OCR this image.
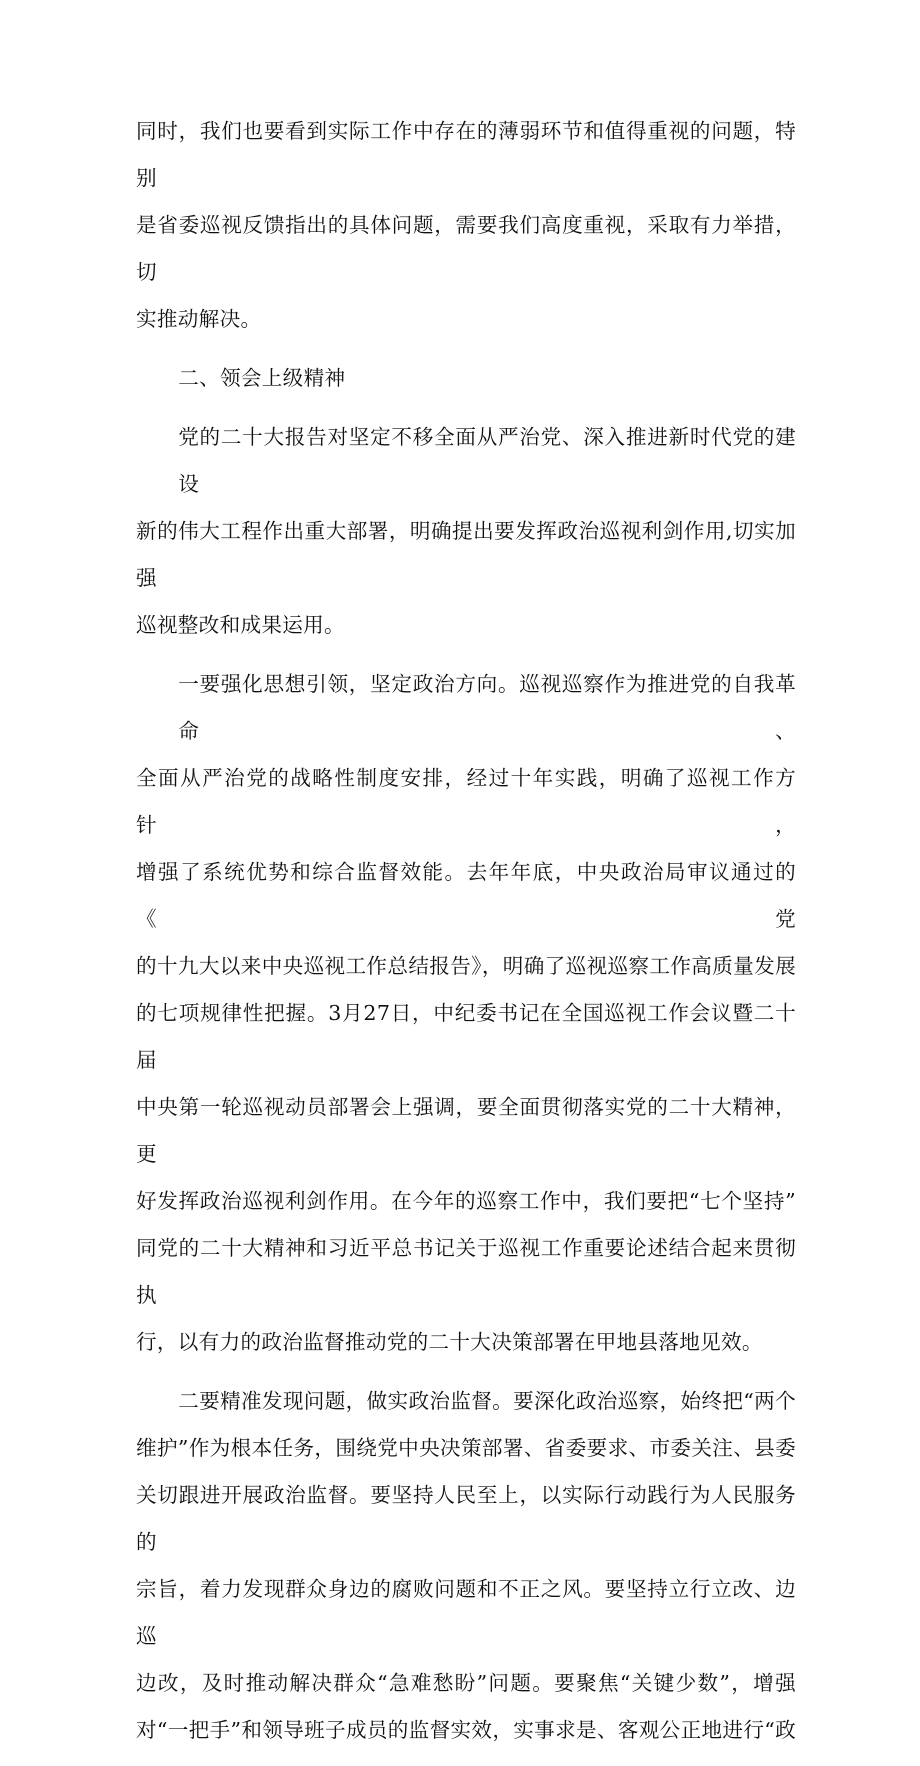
同时，我们也要看到实际工作中存在的薄弱环节和值得重视的问题，特别
是省委巡视反馈指出的具体问题，需要我们高度重视，采取有力举措，切
实推动解决。
二、领会上级精神
党的二十大报告对坚定不移全面从严治党、深入推进新时代党的建设
新的伟大工程作出重大部署，明确提出要发挥政治巡视利剑作用,切实加强
巡视整改和成果运用。
一要强化思想引领，坚定政治方向。巡视巡察作为推进党的自我革命、
全面从严治党的战略性制度安排，经过十年实践，明确了巡视工作方针，
增强了系统优势和综合监督效能。去年年底，中央政治局审议通过的《党
的十九大以来中央巡视工作总结报告》，明确了巡视巡察工作高质量发展
的七项规律性把握。3月27日，中纪委书记在全国巡视工作会议暨二十届
中央第一轮巡视动员部署会上强调，要全面贯彻落实党的二十大精神，更
好发挥政治巡视利剑作用。在今年的巡察工作中，我们要把“七个坚持”
同党的二十大精神和习近平总书记关于巡视工作重要论述结合起来贯彻执
行，以有力的政治监督推动党的二十大决策部署在甲地县落地见效。
二要精准发现问题，做实政治监督。要深化政治巡察，始终把“两个
维护”作为根本任务，围绕党中央决策部署、省委要求、市委关注、县委
关切跟进开展政治监督。要坚持人民至上，以实际行动践行为人民服务的
宗旨，着力发现群众身边的腐败问题和不正之风。要坚持立行立改、边巡
边改，及时推动解决群众“急难愁盼”问题。要聚焦“关键少数”，增强
对“一把手”和领导班子成员的监督实效，实事求是、客观公正地进行“政
